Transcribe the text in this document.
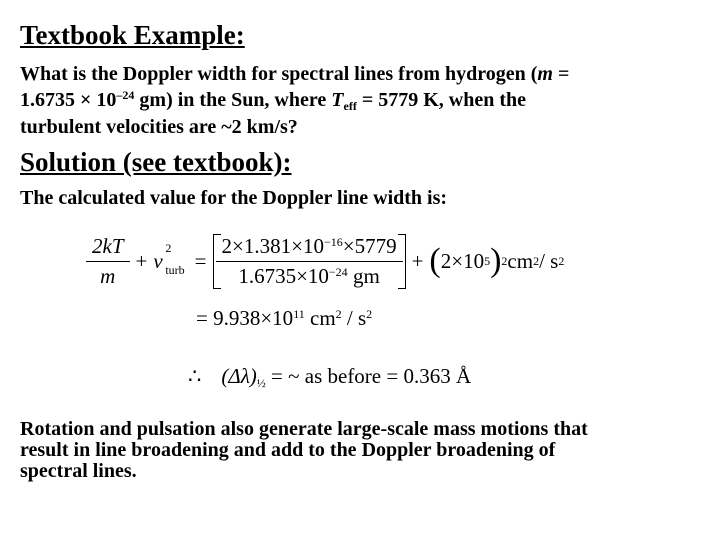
Textbook Example:
What is the Doppler width for spectral lines from hydrogen (m =
$1.6735 \times 10^{-24}$ gm) in the Sun, where $T_{eff} = 5779$ K, when the
turbulent velocities are ~2 km/s?
Solution (see textbook):
The calculated value for the Doppler line width is:
$\frac{2kT}{m} + v$
2
turb = $\frac{2\times 1.381\times 10^{-16}\times 5779}{1.6735\times 10^{-24} gm}$ + ( 2×10 5 ) 2 cm 2 / s 2
= $9.938\times 10^{11}$ $cm^2 / s^2$
∴ $(\Delta\lambda)_{\frac{1}{2}}$ = ~ as before = 0.363 Å
Rotation and pulsation also generate large-scale mass motions that
result in line broadening and add to the Doppler broadening of
spectral lines.
